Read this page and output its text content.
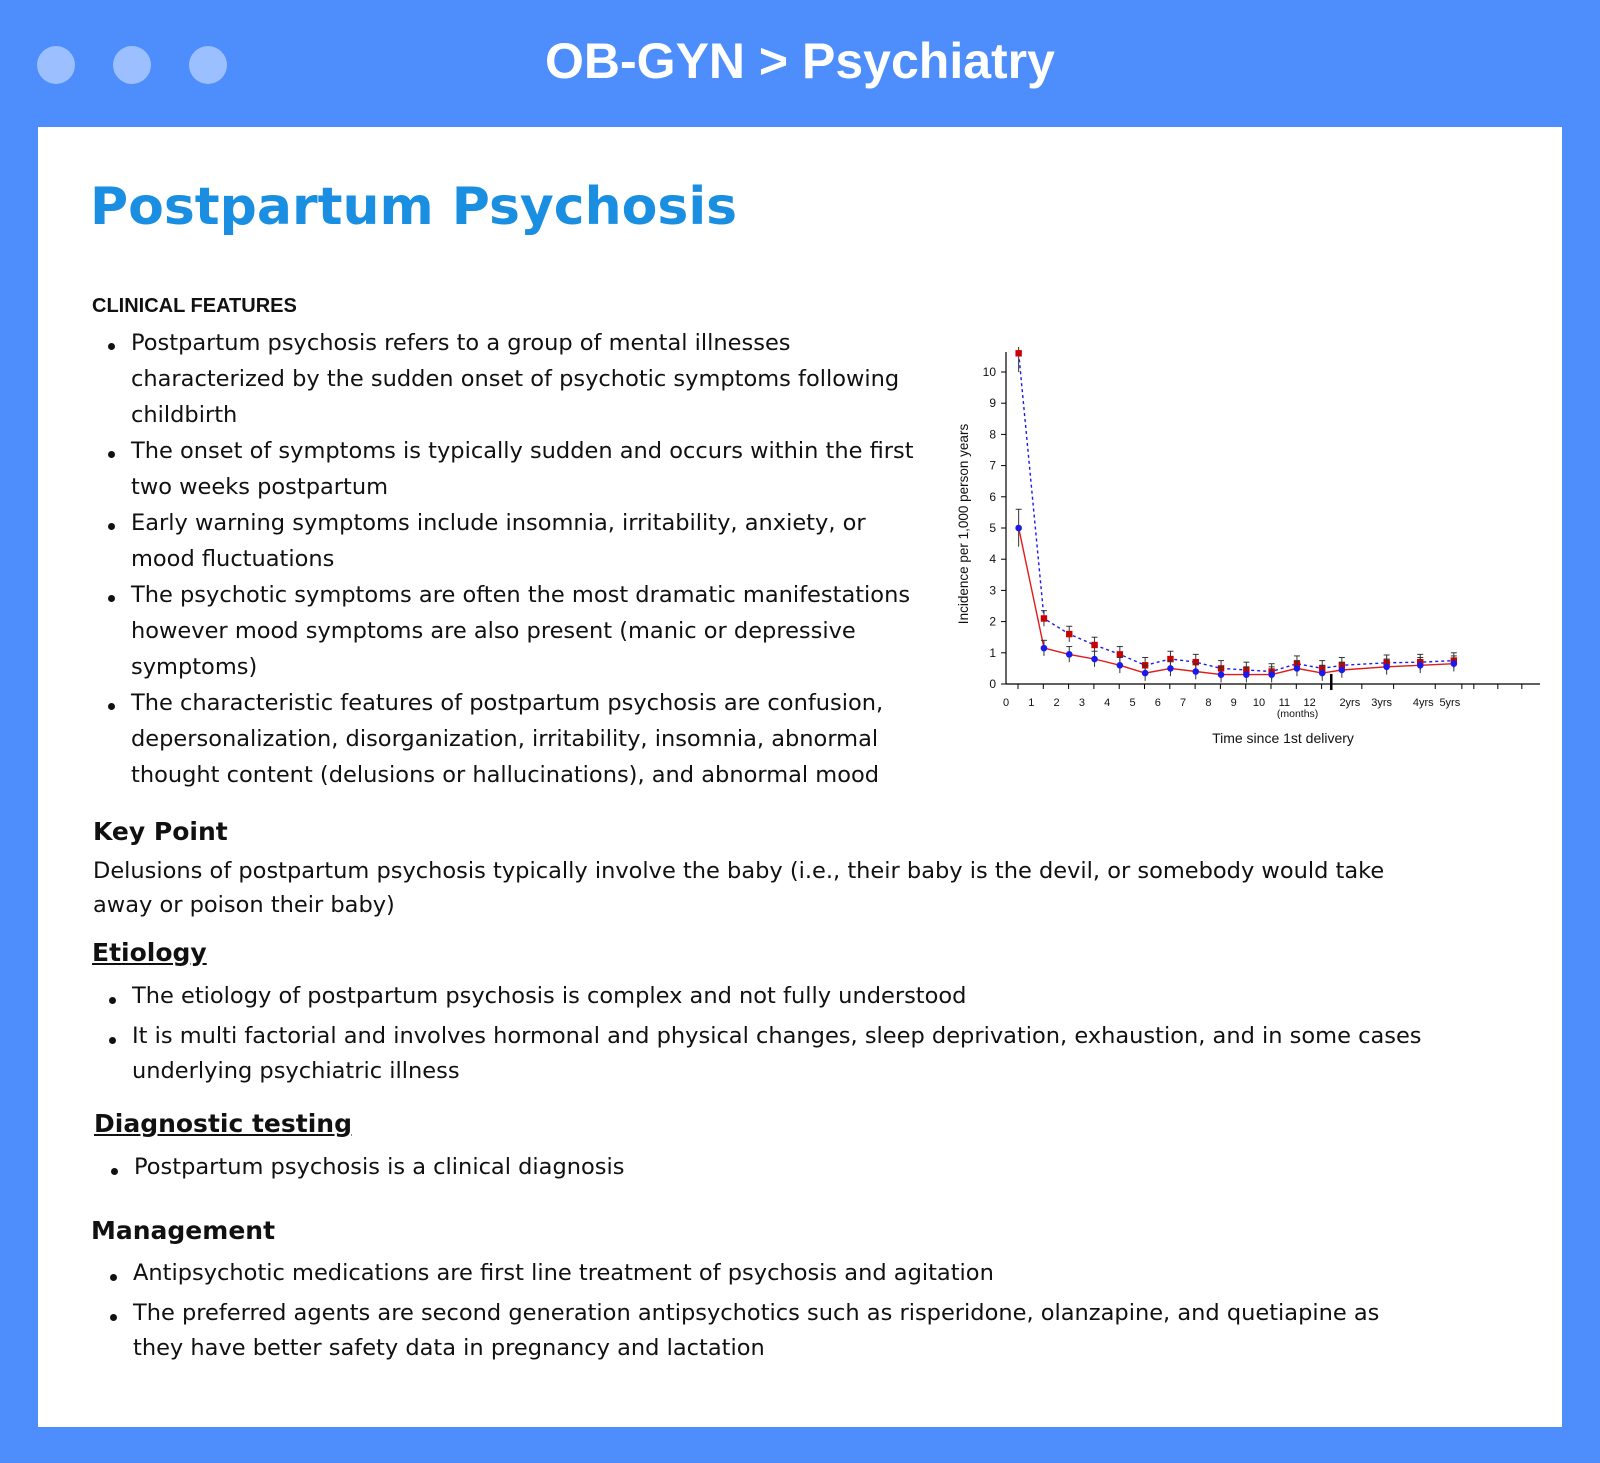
OB-GYN > Psychiatry
Postpartum Psychosis
CLINICAL FEATURES
Postpartum psychosis refers to a group of mental illnesses characterized by the sudden onset of psychotic symptoms following childbirth
The onset of symptoms is typically sudden and occurs within the first two weeks postpartum
Early warning symptoms include insomnia, irritability, anxiety, or mood fluctuations
The psychotic symptoms are often the most dramatic manifestations however mood symptoms are also present (manic or depressive symptoms)
The characteristic features of postpartum psychosis are confusion, depersonalization, disorganization, irritability, insomnia, abnormal thought content (delusions or hallucinations), and abnormal mood
0
1
2
3
4
5
6
7
8
9
10
0 1 2 3 4 5 6 7 8 9 10 11 12 2yrs 3yrs 4yrs 5yrs
(months)
Time since 1st delivery
Incidence per 1,000 person years
Key Point
Delusions of postpartum psychosis typically involve the baby (i.e., their baby is the devil, or somebody would take away or poison their baby)
Etiology
The etiology of postpartum psychosis is complex and not fully understood
It is multi factorial and involves hormonal and physical changes, sleep deprivation, exhaustion, and in some cases underlying psychiatric illness
Diagnostic testing
Postpartum psychosis is a clinical diagnosis
Management
Antipsychotic medications are first line treatment of psychosis and agitation
The preferred agents are second generation antipsychotics such as risperidone, olanzapine, and quetiapine as they have better safety data in pregnancy and lactation
